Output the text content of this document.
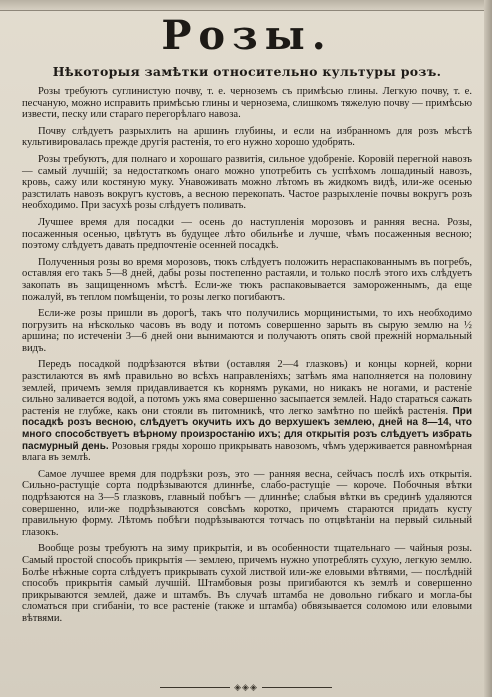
Розы.
Нѣкоторыя замѣтки относительно культуры розъ.

Розы требуютъ суглинистую почву, т. е. черноземъ съ примѣсью глины. Легкую почву, т. е. песчаную, можно исправить примѣсью глины и чернозема, слишкомъ тяжелую почву — примѣсью извести, песку или стараго перегорѣлаго навоза.

Почву слѣдуетъ разрыхлить на аршинъ глубины, и если на избранномъ для розъ мѣстѣ культивировалась прежде другія растенія, то его нужно хорошо удобрять.

Розы требуютъ, для полнаго и хорошаго развитія, сильное удобреніе. Коровій перегной навозъ — самый лучшій; за недостаткомъ онаго можно употребить съ успѣхомъ лошадиный навозъ, кровь, сажу или костяную муку. Унавоживать можно лѣтомъ въ жидкомъ видѣ, или-же осенью разстилать навозъ вокругъ кустовъ, а весною перекопать. Частое разрыхленіе почвы вокругъ розъ необходимо. При засухѣ розы слѣдуетъ поливать.

Лучшее время для посадки — осень до наступленія морозовъ и ранняя весна. Розы, посаженныя осенью, цвѣтутъ въ будущее лѣто обильнѣе и лучше, чѣмъ посаженныя весною; поэтому слѣдуетъ давать предпочтеніе осенней посадкѣ.

Полученныя розы во время морозовъ, тюкъ слѣдуетъ положить нераспакованнымъ въ погребъ, оставляя его такъ 5—8 дней, дабы розы постепенно растаяли, и только послѣ этого ихъ слѣдуетъ закопать въ защищенномъ мѣстѣ. Если-же тюкъ распаковывается замороженнымъ, да еще пожалуй, въ теплом помѣщеніи, то розы легко погибаютъ.

Если-же розы пришли въ дорогѣ, такъ что получились морщинистыми, то ихъ необходимо погрузить на нѣсколько часовъ въ воду и потомъ совершенно зарыть въ сырую землю на ½ аршина; по истеченіи 3—6 дней они вынимаются и получаютъ опять свой прежній нормальный видъ.

Передъ посадкой подрѣзаются вѣтви (оставляя 2—4 глазковъ) и концы корней, корни разстилаются въ ямѣ правильно во всѣхъ направленіяхъ; затѣмъ яма наполняется на половину землей, причемъ земля придавливается къ корнямъ руками, но никакъ не ногами, и растеніе сильно заливается водой, а потомъ ужъ яма совершенно засыпается землей. Надо стараться сажать растенія не глубже, какъ они стояли въ питомникѣ, что легко замѣтно по шейкѣ растенія. При посадкѣ розъ весною, слѣдуетъ окучить ихъ до верхушекъ землею, дней на 8—14, что много способствуетъ вѣрному произростанію ихъ; для открытія розъ слѣдуетъ избрать пасмурный день. Розовыя гряды хорошо прикрывать навозомъ, чѣмъ удерживается равномѣрная влага въ землѣ.

Самое лучшее время для подрѣзки розъ, это — ранняя весна, сейчасъ послѣ ихъ открытія. Сильно-растущіе сорта подрѣзываются длиннѣе, слабо-растущіе — короче. Побочныя вѣтки подрѣзаются на 3—5 глазковъ, главный побѣгъ — длиннѣе; слабыя вѣтки въ срединѣ удаляются совершенно, или-же подрѣзываются совсѣмъ коротко, причемъ стараются придать кусту правильную форму. Лѣтомъ побѣги подрѣзываются тотчасъ по отцвѣтаніи на первый сильный глазокъ.

Вообще розы требуютъ на зиму прикрытія, и въ особенности тщательнаго — чайныя розы. Самый простой способъ прикрытія — землею, причемъ нужно употреблять сухую, легкую землю. Болѣе нѣжные сорта слѣдуетъ прикрывать сухой листвой или-же еловыми вѣтвями, — послѣдній способъ прикрытія самый лучшій. Штамбовыя розы пригибаются къ землѣ и совершенно прикрываются землей, даже и штамбъ. Въ случаѣ штамба не довольно гибкаго и могла-бы сломаться при сгибаніи, то все растеніе (также и штамба) обвязывается соломою или еловыми вѣтвями.

◈◈◈
